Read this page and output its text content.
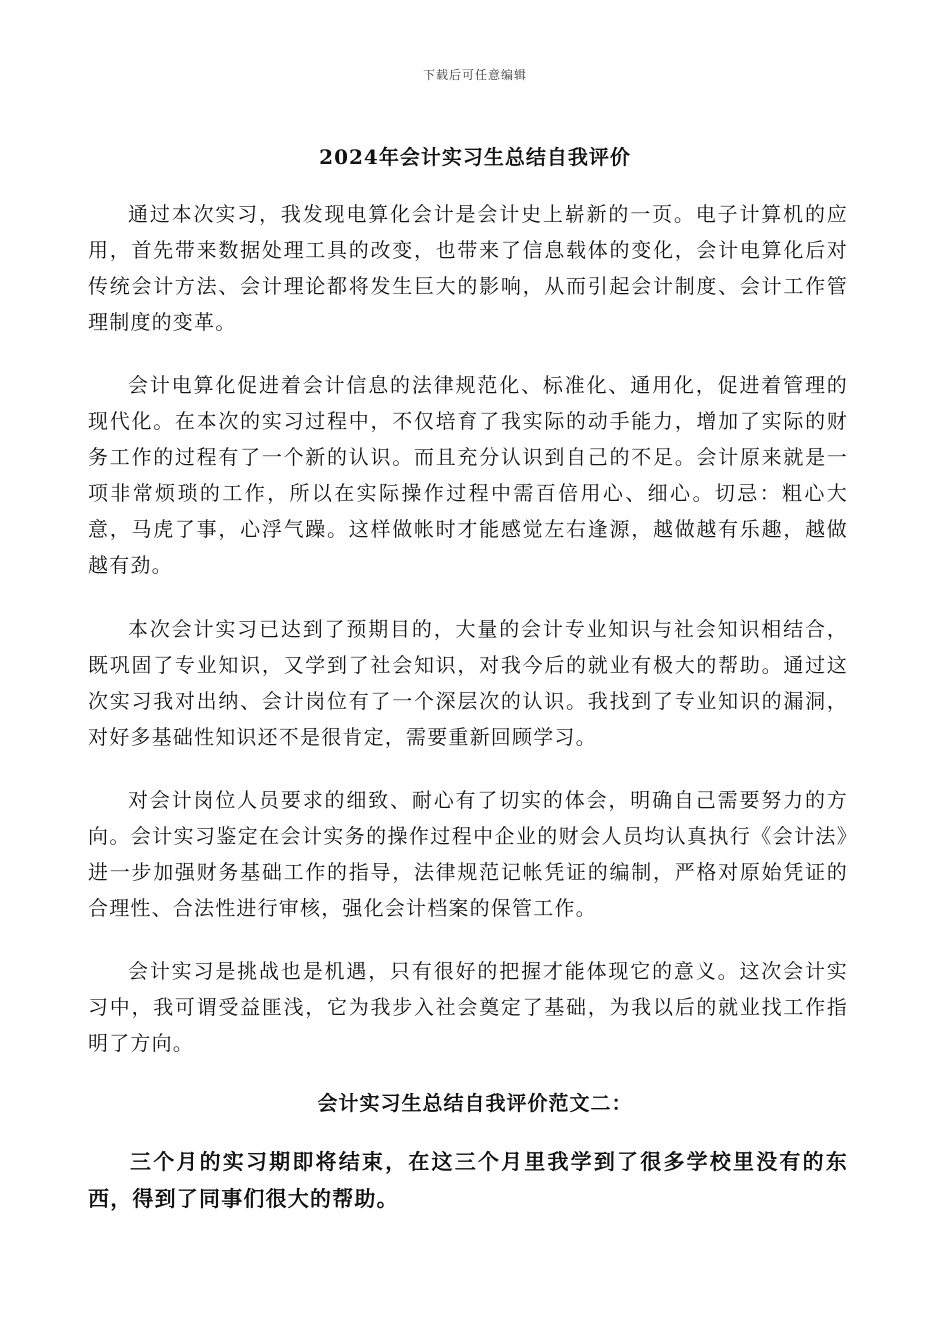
下载后可任意编辑
2024年会计实习生总结自我评价

通过本次实习，我发现电算化会计是会计史上崭新的一页。电子计算机的应用，首先带来数据处理工具的改变，也带来了信息载体的变化，会计电算化后对传统会计方法、会计理论都将发生巨大的影响，从而引起会计制度、会计工作管理制度的变革。

会计电算化促进着会计信息的法律规范化、标准化、通用化，促进着管理的现代化。在本次的实习过程中，不仅培育了我实际的动手能力，增加了实际的财务工作的过程有了一个新的认识。而且充分认识到自己的不足。会计原来就是一项非常烦琐的工作，所以在实际操作过程中需百倍用心、细心。切忌：粗心大意，马虎了事，心浮气躁。这样做帐时才能感觉左右逢源，越做越有乐趣，越做越有劲。

本次会计实习已达到了预期目的，大量的会计专业知识与社会知识相结合，既巩固了专业知识，又学到了社会知识，对我今后的就业有极大的帮助。通过这次实习我对出纳、会计岗位有了一个深层次的认识。我找到了专业知识的漏洞，对好多基础性知识还不是很肯定，需要重新回顾学习。

对会计岗位人员要求的细致、耐心有了切实的体会，明确自己需要努力的方向。会计实习鉴定在会计实务的操作过程中企业的财会人员均认真执行《会计法》进一步加强财务基础工作的指导，法律规范记帐凭证的编制，严格对原始凭证的合理性、合法性进行审核，强化会计档案的保管工作。

会计实习是挑战也是机遇，只有很好的把握才能体现它的意义。这次会计实习中，我可谓受益匪浅，它为我步入社会奠定了基础，为我以后的就业找工作指明了方向。

会计实习生总结自我评价范文二：

三个月的实习期即将结束，在这三个月里我学到了很多学校里没有的东西，得到了同事们很大的帮助。
